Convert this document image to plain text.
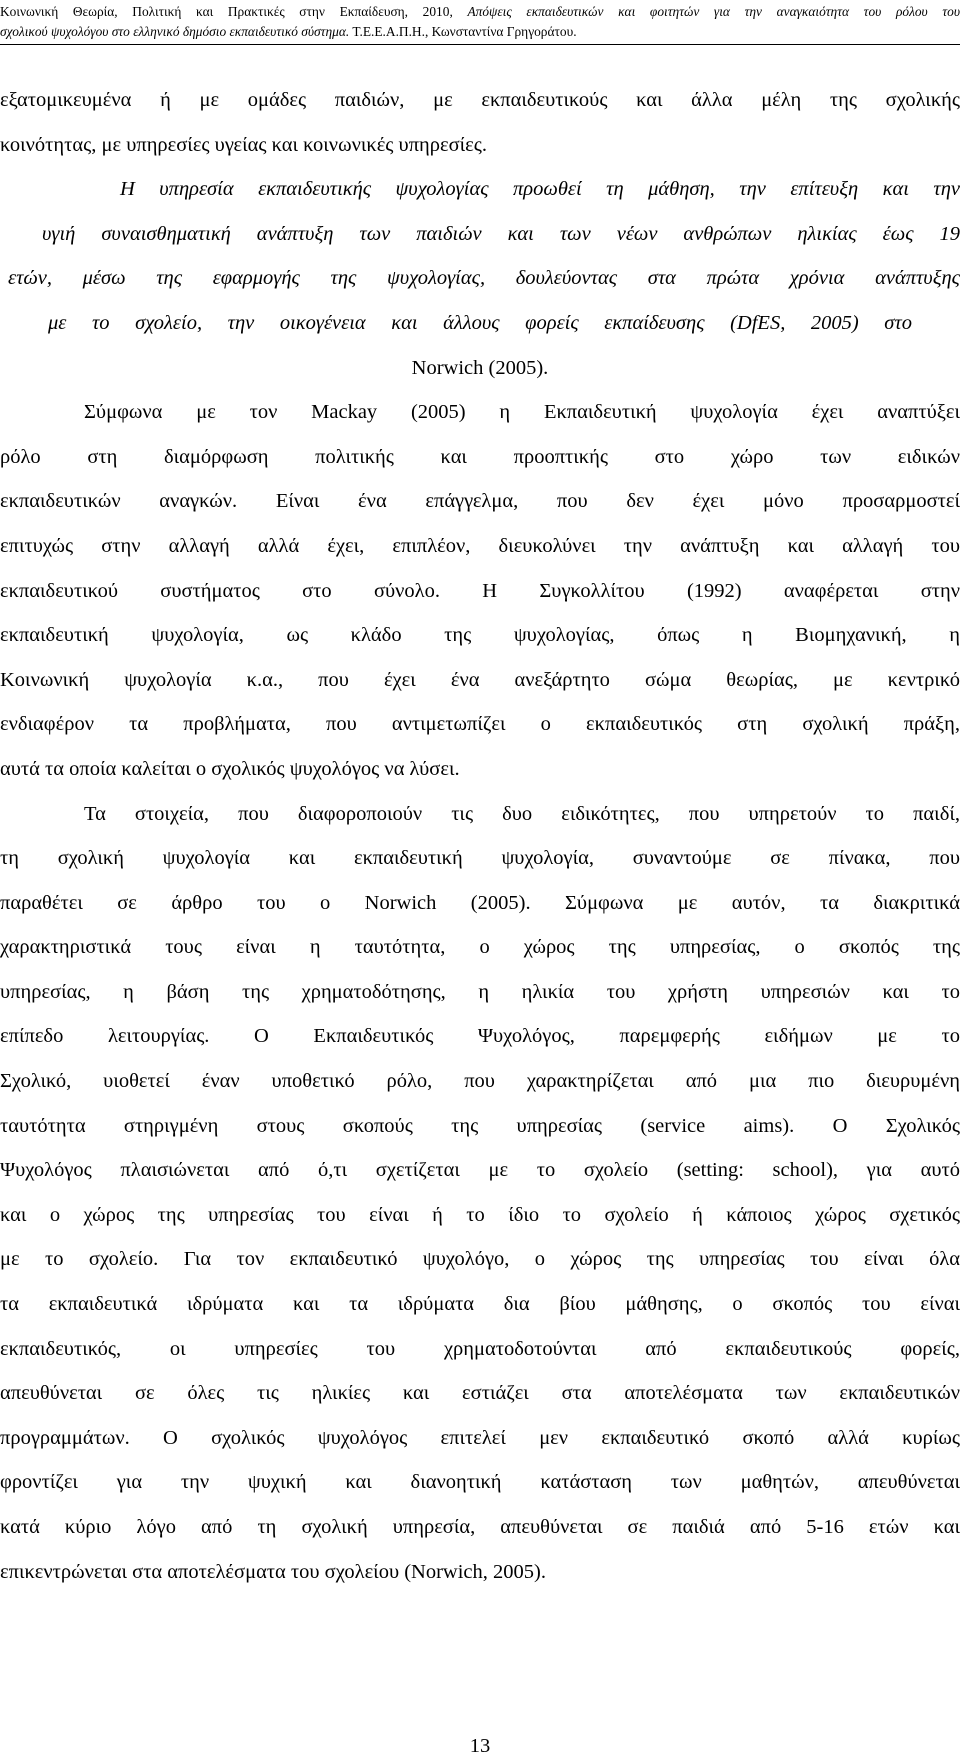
Κοινωνική Θεωρία, Πολιτική και Πρακτικές στην Εκπαίδευση, 2010, Απόψεις εκπαιδευτικών και φοιτητών για την αναγκαιότητα του ρόλου του
σχολικού ψυχολόγου στο ελληνικό δημόσιο εκπαιδευτικό σύστημα. Τ.Ε.Ε.Α.Π.Η., Κωνσταντίνα Γρηγοράτου.
εξατομικευμένα ή με ομάδες παιδιών, με εκπαιδευτικούς και άλλα μέλη της σχολικής
κοινότητας, με υπηρεσίες υγείας και κοινωνικές υπηρεσίες.
Η υπηρεσία εκπαιδευτικής ψυχολογίας προωθεί τη μάθηση, την επίτευξη και την
υγιή συναισθηματική ανάπτυξη των παιδιών και των νέων ανθρώπων ηλικίας έως 19
ετών, μέσω της εφαρμογής της ψυχολογίας, δουλεύοντας στα πρώτα χρόνια ανάπτυξης
με το σχολείο, την οικογένεια και άλλους φορείς εκπαίδευσης (DfES, 2005) στο
Norwich (2005).
Σύμφωνα με τον Mackay (2005) η Εκπαιδευτική ψυχολογία έχει αναπτύξει
ρόλο στη διαμόρφωση πολιτικής και προοπτικής στο χώρο των ειδικών
εκπαιδευτικών αναγκών. Είναι ένα επάγγελμα, που δεν έχει μόνο προσαρμοστεί
επιτυχώς στην αλλαγή αλλά έχει, επιπλέον, διευκολύνει την ανάπτυξη και αλλαγή του
εκπαιδευτικού συστήματος στο σύνολο. Η Συγκολλίτου (1992) αναφέρεται στην
εκπαιδευτική ψυχολογία, ως κλάδο της ψυχολογίας, όπως η Βιομηχανική, η
Κοινωνική ψυχολογία κ.α., που έχει ένα ανεξάρτητο σώμα θεωρίας, με κεντρικό
ενδιαφέρον τα προβλήματα, που αντιμετωπίζει ο εκπαιδευτικός στη σχολική πράξη,
αυτά τα οποία καλείται ο σχολικός ψυχολόγος να λύσει.
Τα στοιχεία, που διαφοροποιούν τις δυο ειδικότητες, που υπηρετούν το παιδί,
τη σχολική ψυχολογία και εκπαιδευτική ψυχολογία, συναντούμε σε πίνακα, που
παραθέτει σε άρθρο του ο Norwich (2005). Σύμφωνα με αυτόν, τα διακριτικά
χαρακτηριστικά τους είναι η ταυτότητα, ο χώρος της υπηρεσίας, ο σκοπός της
υπηρεσίας, η βάση της χρηματοδότησης, η ηλικία του χρήστη υπηρεσιών και το
επίπεδο λειτουργίας. Ο Εκπαιδευτικός Ψυχολόγος, παρεμφερής ειδήμων με το
Σχολικό, υιοθετεί έναν υποθετικό ρόλο, που χαρακτηρίζεται από μια πιο διευρυμένη
ταυτότητα στηριγμένη στους σκοπούς της υπηρεσίας (service aims). Ο Σχολικός
Ψυχολόγος πλαισιώνεται από ό,τι σχετίζεται με το σχολείο (setting: school), για αυτό
και ο χώρος της υπηρεσίας του είναι ή το ίδιο το σχολείο ή κάποιος χώρος σχετικός
με το σχολείο. Για τον εκπαιδευτικό ψυχολόγο, ο χώρος της υπηρεσίας του είναι όλα
τα εκπαιδευτικά ιδρύματα και τα ιδρύματα δια βίου μάθησης, ο σκοπός του είναι
εκπαιδευτικός, οι υπηρεσίες του χρηματοδοτούνται από εκπαιδευτικούς φορείς,
απευθύνεται σε όλες τις ηλικίες και εστιάζει στα αποτελέσματα των εκπαιδευτικών
προγραμμάτων. Ο σχολικός ψυχολόγος επιτελεί μεν εκπαιδευτικό σκοπό αλλά κυρίως
φροντίζει για την ψυχική και διανοητική κατάσταση των μαθητών, απευθύνεται
κατά κύριο λόγο από τη σχολική υπηρεσία, απευθύνεται σε παιδιά από 5-16 ετών και
επικεντρώνεται στα αποτελέσματα του σχολείου (Norwich, 2005).
13
